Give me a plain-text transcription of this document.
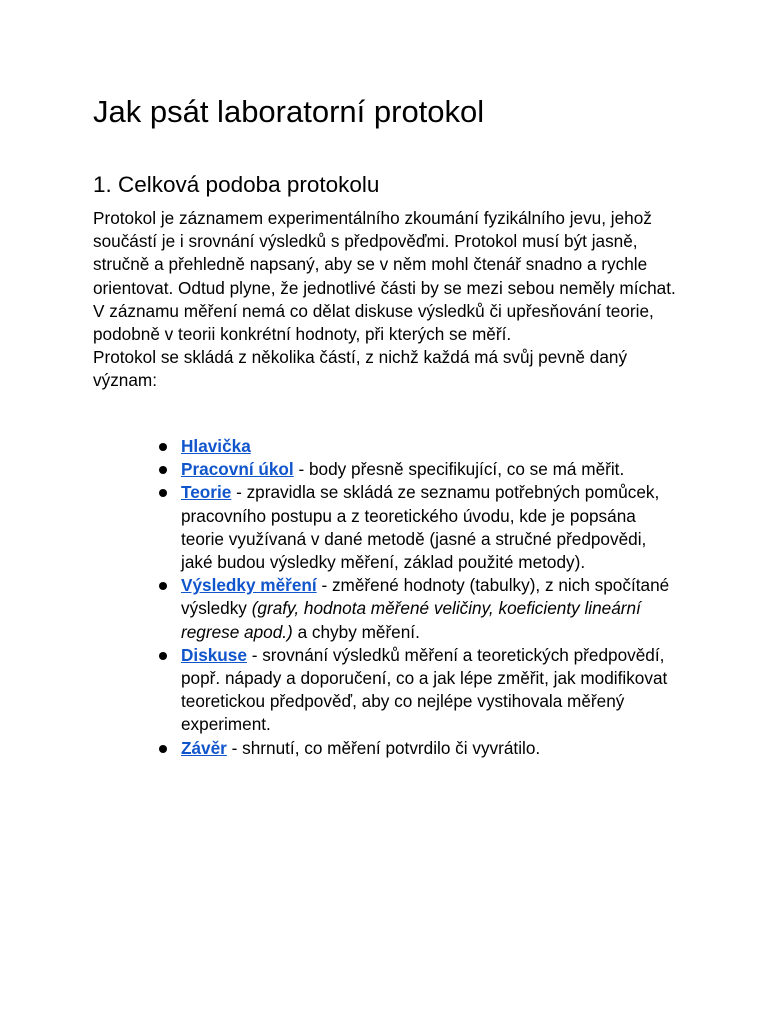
Jak psát laboratorní protokol
1. Celková podoba protokolu

Protokol je záznamem experimentálního zkoumání fyzikálního jevu, jehož součástí je i srovnání výsledků s předpověďmi. Protokol musí být jasně, stručně a přehledně napsaný, aby se v něm mohl čtenář snadno a rychle orientovat. Odtud plyne, že jednotlivé části by se mezi sebou neměly míchat. V záznamu měření nemá co dělat diskuse výsledků či upřesňování teorie, podobně v teorii konkrétní hodnoty, při kterých se měří.

Protokol se skládá z několika částí, z nichž každá má svůj pevně daný význam:

Hlavička
Pracovní úkol - body přesně specifikující, co se má měřit.
Teorie - zpravidla se skládá ze seznamu potřebných pomůcek, pracovního postupu a z teoretického úvodu, kde je popsána teorie využívaná v dané metodě (jasné a stručné předpovědi, jaké budou výsledky měření, základ použité metody).
Výsledky měření - změřené hodnoty (tabulky), z nich spočítané výsledky (grafy, hodnota měřené veličiny, koeficienty lineární regrese apod.) a chyby měření.
Diskuse - srovnání výsledků měření a teoretických předpovědí, popř. nápady a doporučení, co a jak lépe změřit, jak modifikovat teoretickou předpověď, aby co nejlépe vystihovala měřený experiment.
Závěr - shrnutí, co měření potvrdilo či vyvrátilo.
